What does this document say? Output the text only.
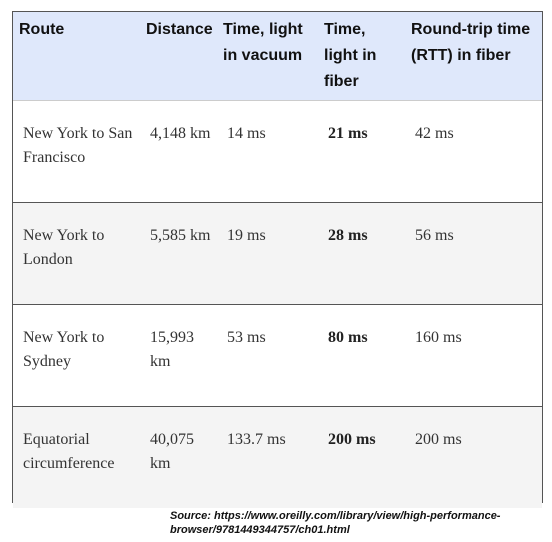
Route	Distance	Time, light in vacuum	Time, light in fiber	Round-trip time (RTT) in fiber
New York to San Francisco	4,148 km	14 ms	21 ms	42 ms
New York to London	5,585 km	19 ms	28 ms	56 ms
New York to Sydney	15,993 km	53 ms	80 ms	160 ms
Equatorial circumference	40,075 km	133.7 ms	200 ms	200 ms
Source: https://www.oreilly.com/library/view/high-performance-browser/9781449344757/ch01.html
